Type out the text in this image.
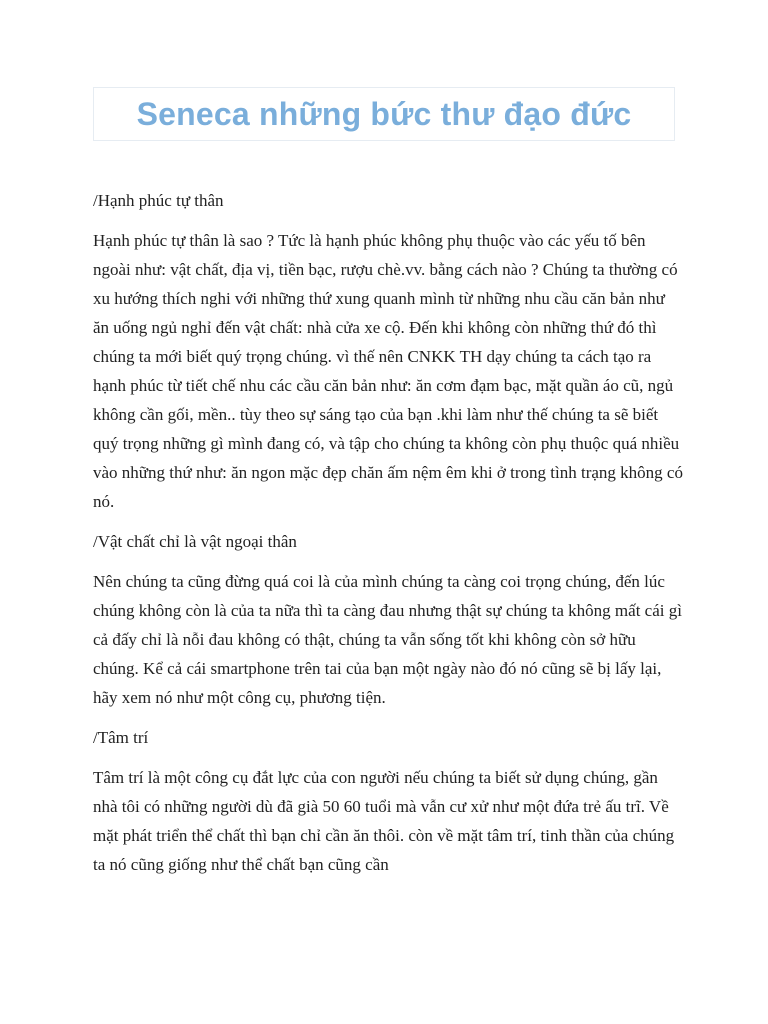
Seneca những bức thư đạo đức

/Hạnh phúc tự thân

Hạnh phúc tự thân là sao ? Tức là hạnh phúc không phụ thuộc vào các yếu tố bên ngoài như: vật chất, địa vị, tiền bạc, rượu chè.vv. bằng cách nào ? Chúng ta thường có xu hướng thích nghi với những thứ xung quanh mình từ những nhu cầu căn bản như ăn uống ngủ nghỉ đến vật chất: nhà cửa xe cộ. Đến khi không còn những thứ đó thì chúng ta mới biết quý trọng chúng. vì thế nên CNKK TH dạy chúng ta cách tạo ra hạnh phúc từ tiết chế nhu các cầu căn bản như: ăn cơm đạm bạc, mặt quần áo cũ, ngủ không cần gối, mền.. tùy theo sự sáng tạo của bạn .khi làm như thế chúng ta sẽ biết quý trọng những gì mình đang có, và tập cho chúng ta không còn phụ thuộc quá nhiều vào những thứ như: ăn ngon mặc đẹp chăn ấm nệm êm khi ở trong tình trạng không có nó.

/Vật chất chỉ là vật ngoại thân

Nên chúng ta cũng đừng quá coi là của mình chúng ta càng coi trọng chúng, đến lúc chúng không còn là của ta nữa thì ta càng đau nhưng thật sự chúng ta không mất cái gì cả đấy chỉ là nỗi đau không có thật, chúng ta vẫn sống tốt khi không còn sở hữu chúng. Kể cả cái smartphone trên tai của bạn một ngày nào đó nó cũng sẽ bị lấy lại, hãy xem nó như một công cụ, phương tiện.

/Tâm trí

Tâm trí là một công cụ đắt lực của con người nếu chúng ta biết sử dụng chúng, gần nhà tôi có những người dù đã già 50 60 tuổi mà vẫn cư xử như một đứa trẻ ấu trĩ. Về mặt phát triển thể chất thì bạn chỉ cần ăn thôi. còn về mặt tâm trí, tinh thần của chúng ta nó cũng giống như thể chất bạn cũng cần
